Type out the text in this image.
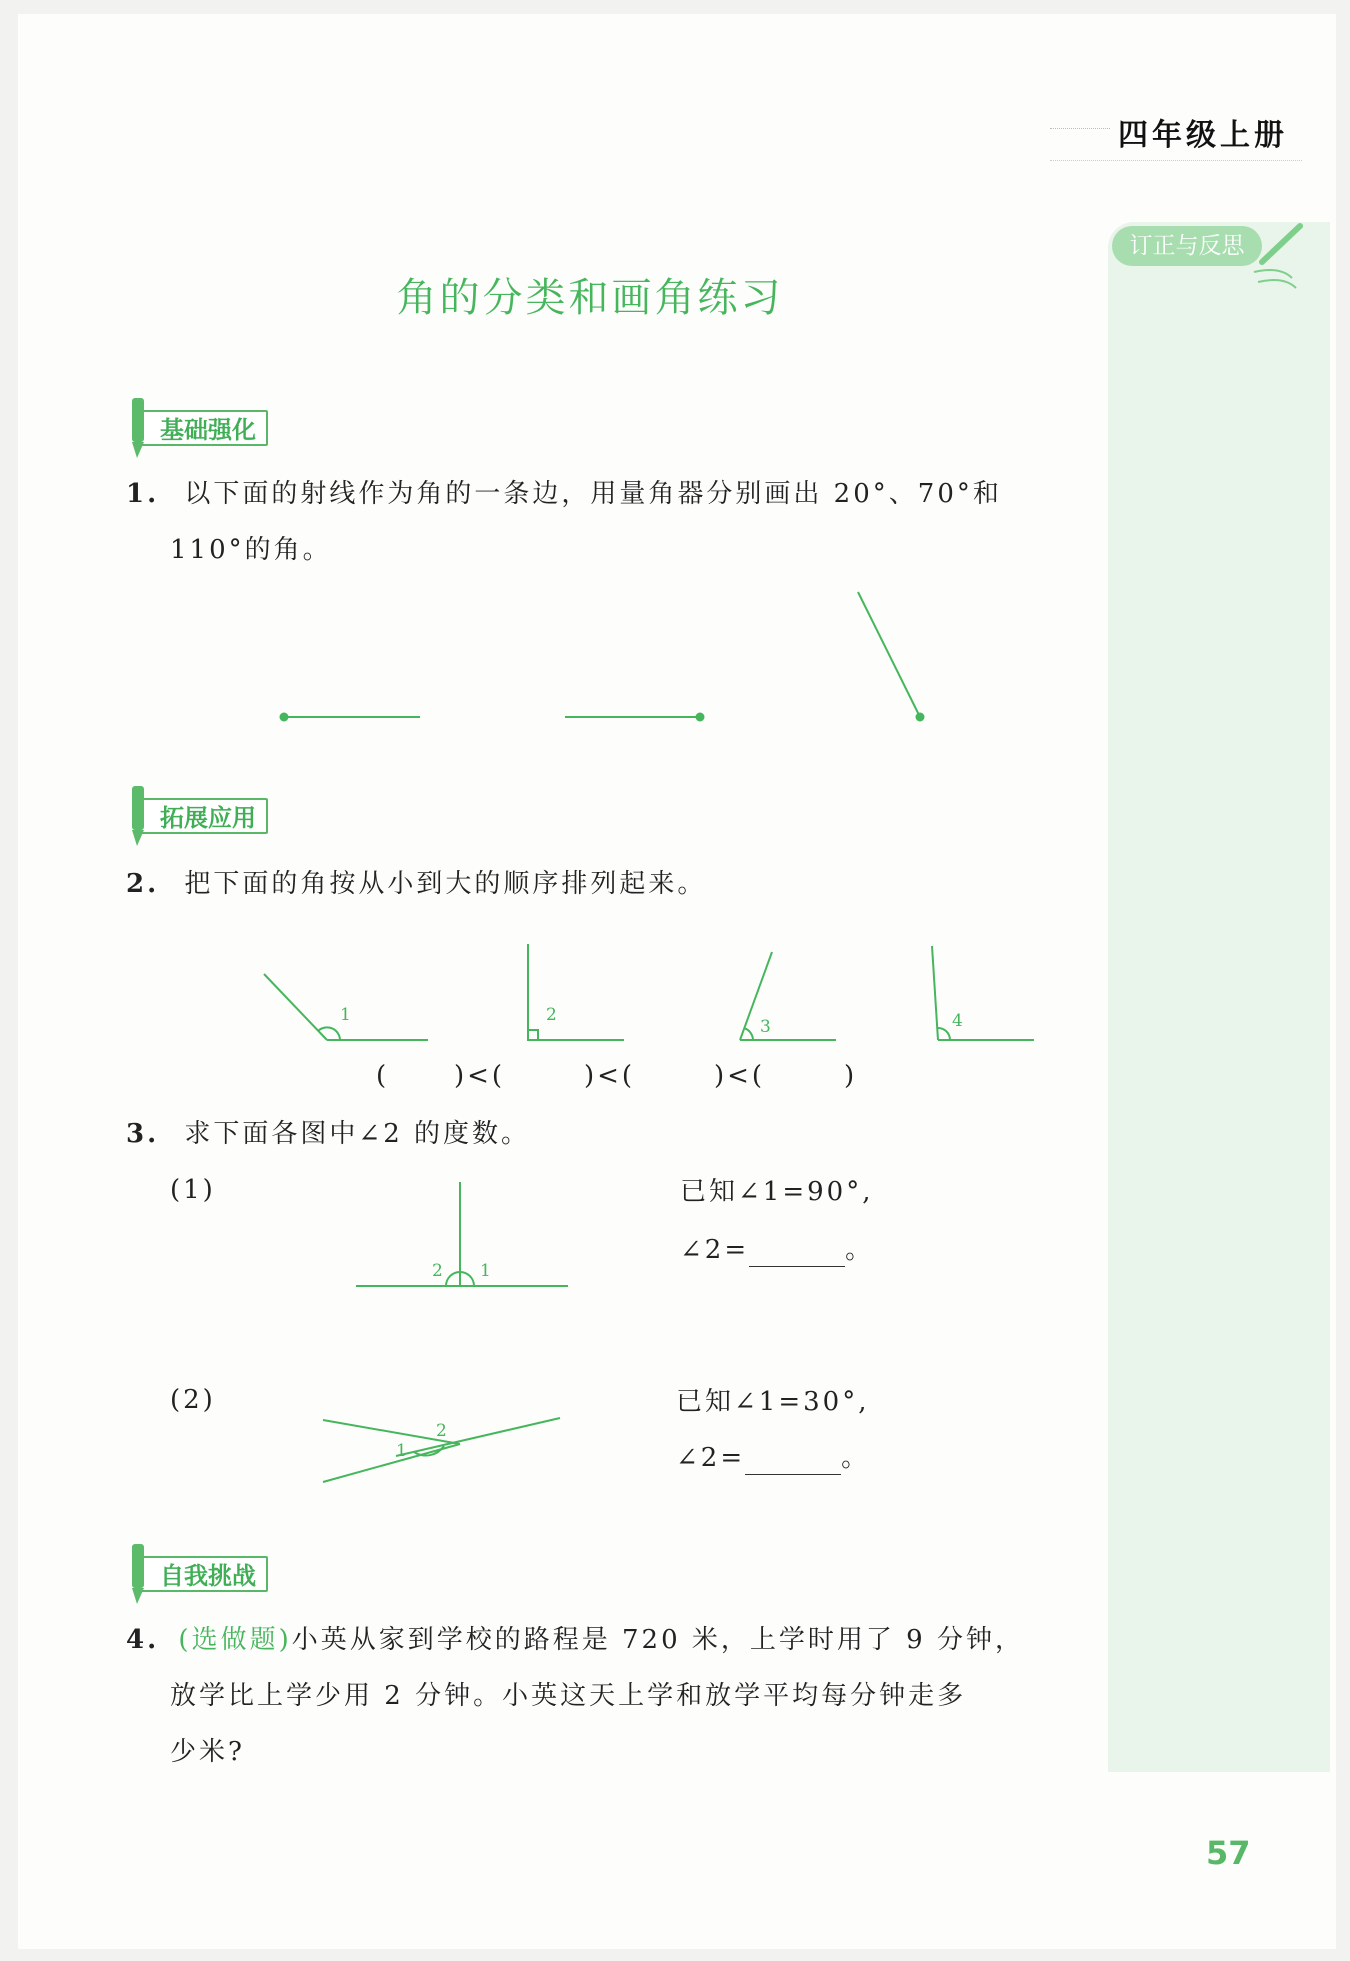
四年级上册
订正与反思
角的分类和画角练习
基础强化
1. 以下面的射线作为角的一条边，用量角器分别画出 20°、70°和
110°的角。
拓展应用
2. 把下面的角按从小到大的顺序排列起来。
( )<(	)<(	)<(	)
3. 求下面各图中∠2 的度数。
(1)	已知∠1=90°,
∠2=	。
(2)	已知∠1=30°,
∠2=	。
自我挑战
4. (选做题)小英从家到学校的路程是 720 米，上学时用了 9 分钟，
放学比上学少用 2 分钟。小英这天上学和放学平均每分钟走多
少米?
57
1	2
3	4
2 1
1
2
